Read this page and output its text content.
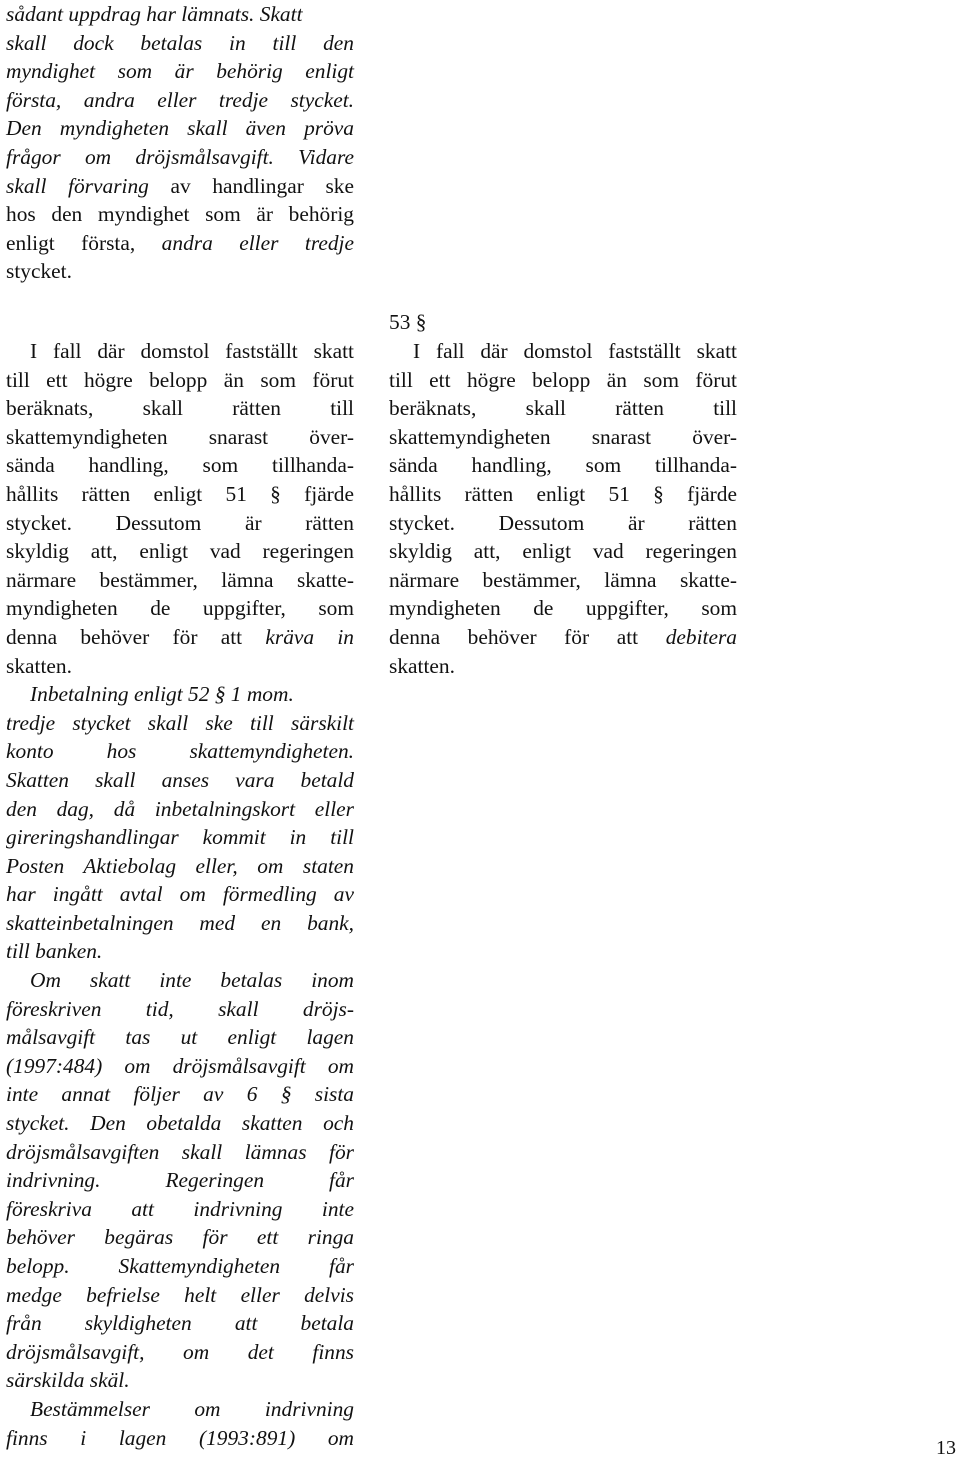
sådant uppdrag har lämnats. Skatt
skall dock betalas in till den
myndighet som är behörig enligt
första, andra eller tredje stycket.
Den myndigheten skall även pröva
frågor om dröjsmålsavgift. Vidare
skall förvaring av handlingar ske
hos den myndighet som är behörig
enligt första, andra eller tredje
stycket.
I fall där domstol fastställt skatt
till ett högre belopp än som förut
beräknats, skall rätten till
skattemyndigheten snarast över-
sända handling, som tillhanda-
hållits rätten enligt 51 § fjärde
stycket. Dessutom är rätten
skyldig att, enligt vad regeringen
närmare bestämmer, lämna skatte-
myndigheten de uppgifter, som
denna behöver för att kräva in
skatten.
Inbetalning enligt 52 § 1 mom.
tredje stycket skall ske till särskilt
konto hos skattemyndigheten.
Skatten skall anses vara betald
den dag, då inbetalningskort eller
gireringshandlingar kommit in till
Posten Aktiebolag eller, om staten
har ingått avtal om förmedling av
skatteinbetalningen med en bank,
till banken.
Om skatt inte betalas inom
föreskriven tid, skall dröjs-
målsavgift tas ut enligt lagen
(1997:484) om dröjsmålsavgift om
inte annat följer av 6 § sista
stycket. Den obetalda skatten och
dröjsmålsavgiften skall lämnas för
indrivning. Regeringen får
föreskriva att indrivning inte
behöver begäras för ett ringa
belopp. Skattemyndigheten får
medge befrielse helt eller delvis
från skyldigheten att betala
dröjsmålsavgift, om det finns
särskilda skäl.
Bestämmelser om indrivning
finns i lagen (1993:891) om
53 §
I fall där domstol fastställt skatt
till ett högre belopp än som förut
beräknats, skall rätten till
skattemyndigheten snarast över-
sända handling, som tillhanda-
hållits rätten enligt 51 § fjärde
stycket. Dessutom är rätten
skyldig att, enligt vad regeringen
närmare bestämmer, lämna skatte-
myndigheten de uppgifter, som
denna behöver för att debitera
skatten.
13
